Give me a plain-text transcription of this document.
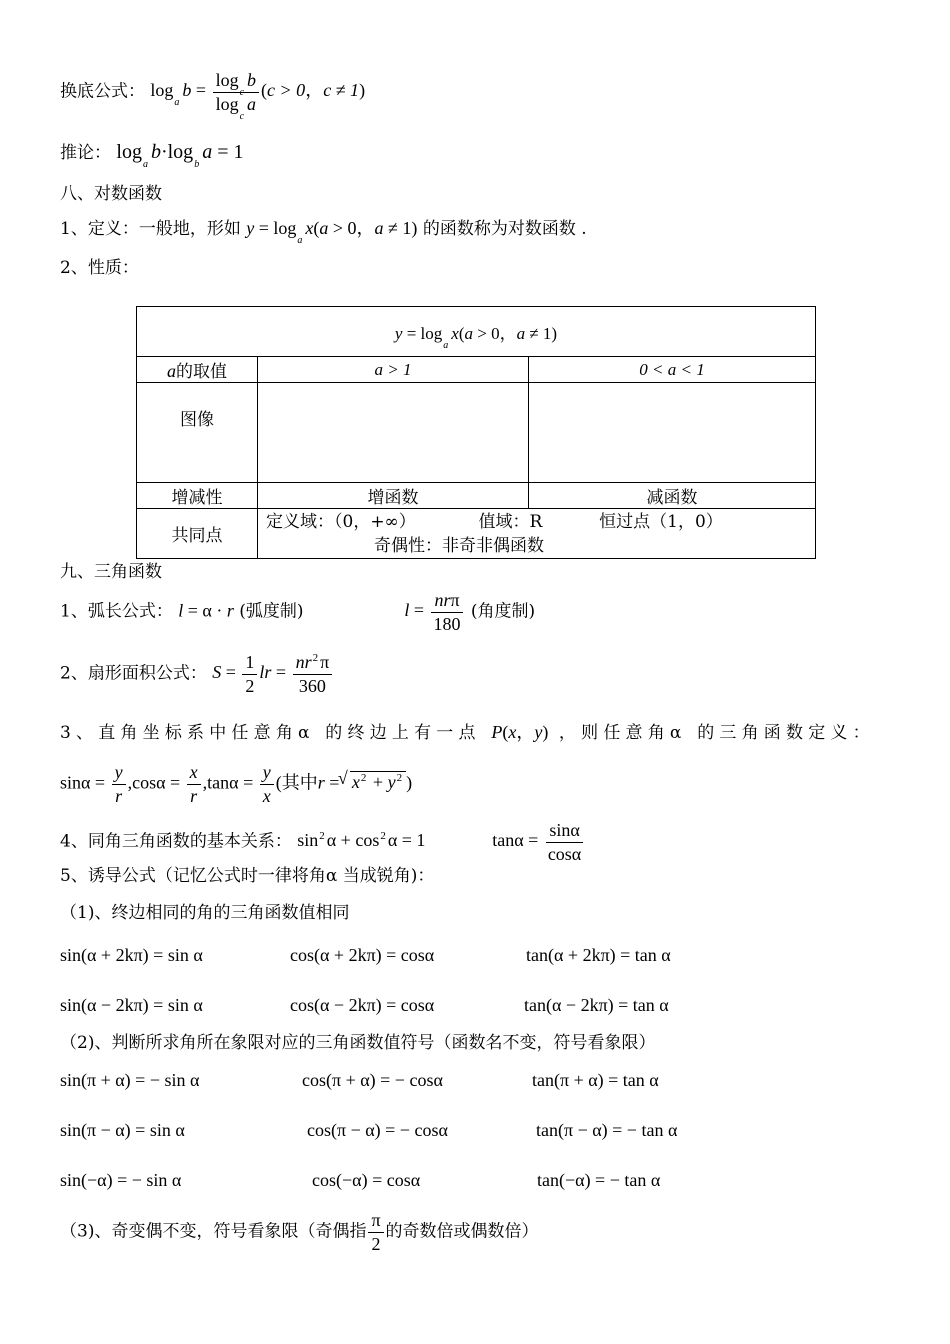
换底公式： $\log_ab = \frac{\log_cb}{\log_ca} (c > 0$，c ≠ 1)
推论： $\log_ab\cdot\log_ba = 1$
八、对数函数
1、定义：一般地，形如 $y = \log_ax(a > 0$，a ≠ 1) 的函数称为对数函数 .
2、性质：
$y = \log_ax(a > 0$，a ≠ 1)		
a的取值	a > 1	0 < a < 1
图像		
增减性	增函数	减函数
共同点	定义域：（0，+∞） 值域：R 恒过点（1，0）
奇偶性：非奇非偶函数	
九、三角函数
1、弧长公式： l = α · r (弧度制)	$l = \frac{\text{nrπ}}{180}$ (角度制)
2、扇形面积公式： $S = \frac{1}{2}$ lr = $\frac{nr^2 \pi}{360}$
3、直角坐标系中任意角α 的终边上有一点 P(x，y) ，则任意角α 的三角函数定义：
$\sin\alpha = \frac{y}{r} ,\cos\alpha = \frac{x}{r} ,\tan\alpha = \frac{y}{x}$ (其中r = √ $x^2 + y^2$ )
4、同角三角函数的基本关系： $\sin^2 \alpha + \cos^2 \alpha = 1$	$\tan\alpha = \frac{\sin\alpha}{\cos\alpha}$
5、诱导公式（记忆公式时一律将角α 当成锐角)：
（1)、终边相同的角的三角函数值相同
sin(α + 2kπ) = sin α	cos(α + 2kπ) = cosα	tan(α + 2kπ) = tan α
sin(α − 2kπ) = sin α	cos(α − 2kπ) = cosα	tan(α − 2kπ) = tan α
（2)、判断所求角所在象限对应的三角函数值符号（函数名不变，符号看象限）
sin(π + α) = − sin α	cos(π + α) = − cosα	tan(π + α) = tan α
sin(π − α) = sin α	cos(π − α) = − cosα	tan(π − α) = − tan α
sin(−α) = − sin α	cos(−α) = cosα	tan(−α) = − tan α
（3)、奇变偶不变，符号看象限（奇偶指 $\frac{\pi}{2}$ 的奇数倍或偶数倍）
